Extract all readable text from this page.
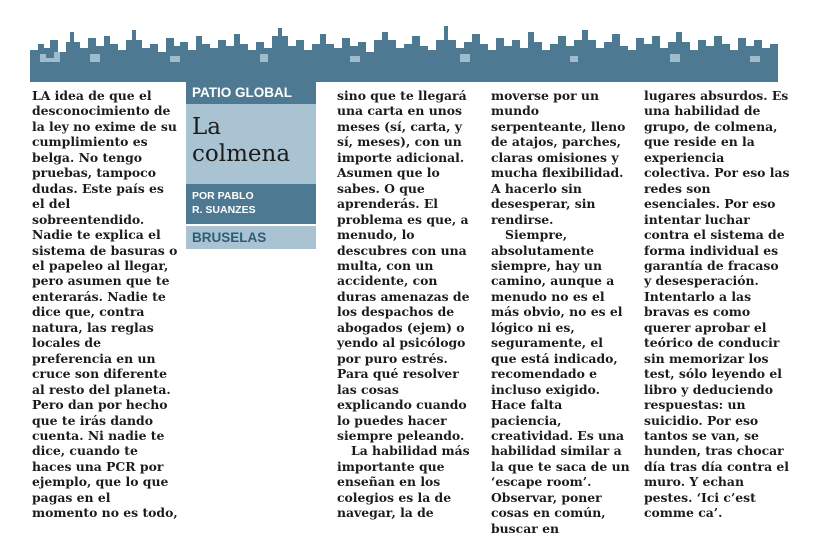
PATIO GLOBAL
La
colmena
POR PABLO
R. SUANZES
BRUSELAS

LA idea de que el desconocimiento de la ley no exime de su cumplimiento es belga. No tengo pruebas, tampoco dudas. Este país es el del sobreentendido. Nadie te explica el sistema de basuras o el papeleo al llegar, pero asumen que te enterarás. Nadie te dice que, contra natura, las reglas locales de preferencia en un cruce son diferente al resto del planeta. Pero dan por hecho que te irás dando cuenta. Ni nadie te dice, cuando te haces una PCR por ejemplo, que lo que pagas en el momento no es todo,

sino que te llegará una carta en unos meses (sí, carta, y sí, meses), con un importe adicional. Asumen que lo sabes. O que aprenderás. El problema es que, a menudo, lo descubres con una multa, con un accidente, con duras amenazas de los despachos de abogados (ejem) o yendo al psicólogo por puro estrés. Para qué resolver las cosas explicando cuando lo puedes hacer siempre peleando.

La habilidad más importante que enseñan en los colegios es la de navegar, la de

moverse por un mundo serpenteante, lleno de atajos, parches, claras omisiones y mucha flexibilidad. A hacerlo sin desesperar, sin rendirse.

Siempre, absolutamente siempre, hay un camino, aunque a menudo no es el más obvio, no es el lógico ni es, seguramente, el que está indicado, recomendado e incluso exigido. Hace falta paciencia, creatividad. Es una habilidad similar a la que te saca de un ‘escape room’. Observar, poner cosas en común, buscar en

lugares absurdos. Es una habilidad de grupo, de colmena, que reside en la experiencia colectiva. Por eso las redes son esenciales. Por eso intentar luchar contra el sistema de forma individual es garantía de fracaso y desesperación. Intentarlo a las bravas es como querer aprobar el teórico de conducir sin memorizar los test, sólo leyendo el libro y deduciendo respuestas: un suicidio. Por eso tantos se van, se hunden, tras chocar día tras día contra el muro. Y echan pestes. ‘Ici c’est comme ca’.
